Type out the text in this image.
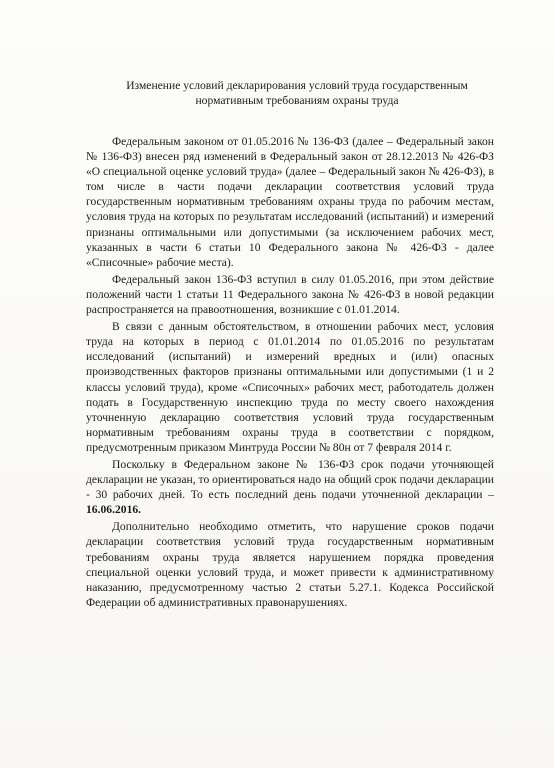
Изменение условий декларирования условий труда государственным
нормативным требованиям охраны труда

Федеральным законом от 01.05.2016 № 136-ФЗ (далее – Федеральный закон № 136-ФЗ) внесен ряд изменений в Федеральный закон от 28.12.2013 № 426-ФЗ «О специальной оценке условий труда» (далее – Федеральный закон № 426-ФЗ), в том числе в части подачи декларации соответствия условий труда государственным нормативным требованиям охраны труда по рабочим местам, условия труда на которых по результатам исследований (испытаний) и измерений признаны оптимальными или допустимыми (за исключением рабочих мест, указанных в части 6 статьи 10 Федерального закона № 426-ФЗ - далее «Списочные» рабочие места).

Федеральный закон 136-ФЗ вступил в силу 01.05.2016, при этом действие положений части 1 статьи 11 Федерального закона № 426-ФЗ в новой редакции распространяется на правоотношения, возникшие с 01.01.2014.

В связи с данным обстоятельством, в отношении рабочих мест, условия труда на которых в период с 01.01.2014 по 01.05.2016 по результатам исследований (испытаний) и измерений вредных и (или) опасных производственных факторов признаны оптимальными или допустимыми (1 и 2 классы условий труда), кроме «Списочных» рабочих мест, работодатель должен подать в Государственную инспекцию труда по месту своего нахождения уточненную декларацию соответствия условий труда государственным нормативным требованиям охраны труда в соответствии с порядком, предусмотренным приказом Минтруда России № 80н от 7 февраля 2014 г.

Поскольку в Федеральном законе № 136-ФЗ срок подачи уточняющей декларации не указан, то ориентироваться надо на общий срок подачи декларации - 30 рабочих дней. То есть последний день подачи уточненной декларации – 16.06.2016.

Дополнительно необходимо отметить, что нарушение сроков подачи декларации соответствия условий труда государственным нормативным требованиям охраны труда является нарушением порядка проведения специальной оценки условий труда, и может привести к административному наказанию, предусмотренному частью 2 статьи 5.27.1. Кодекса Российской Федерации об административных правонарушениях.
